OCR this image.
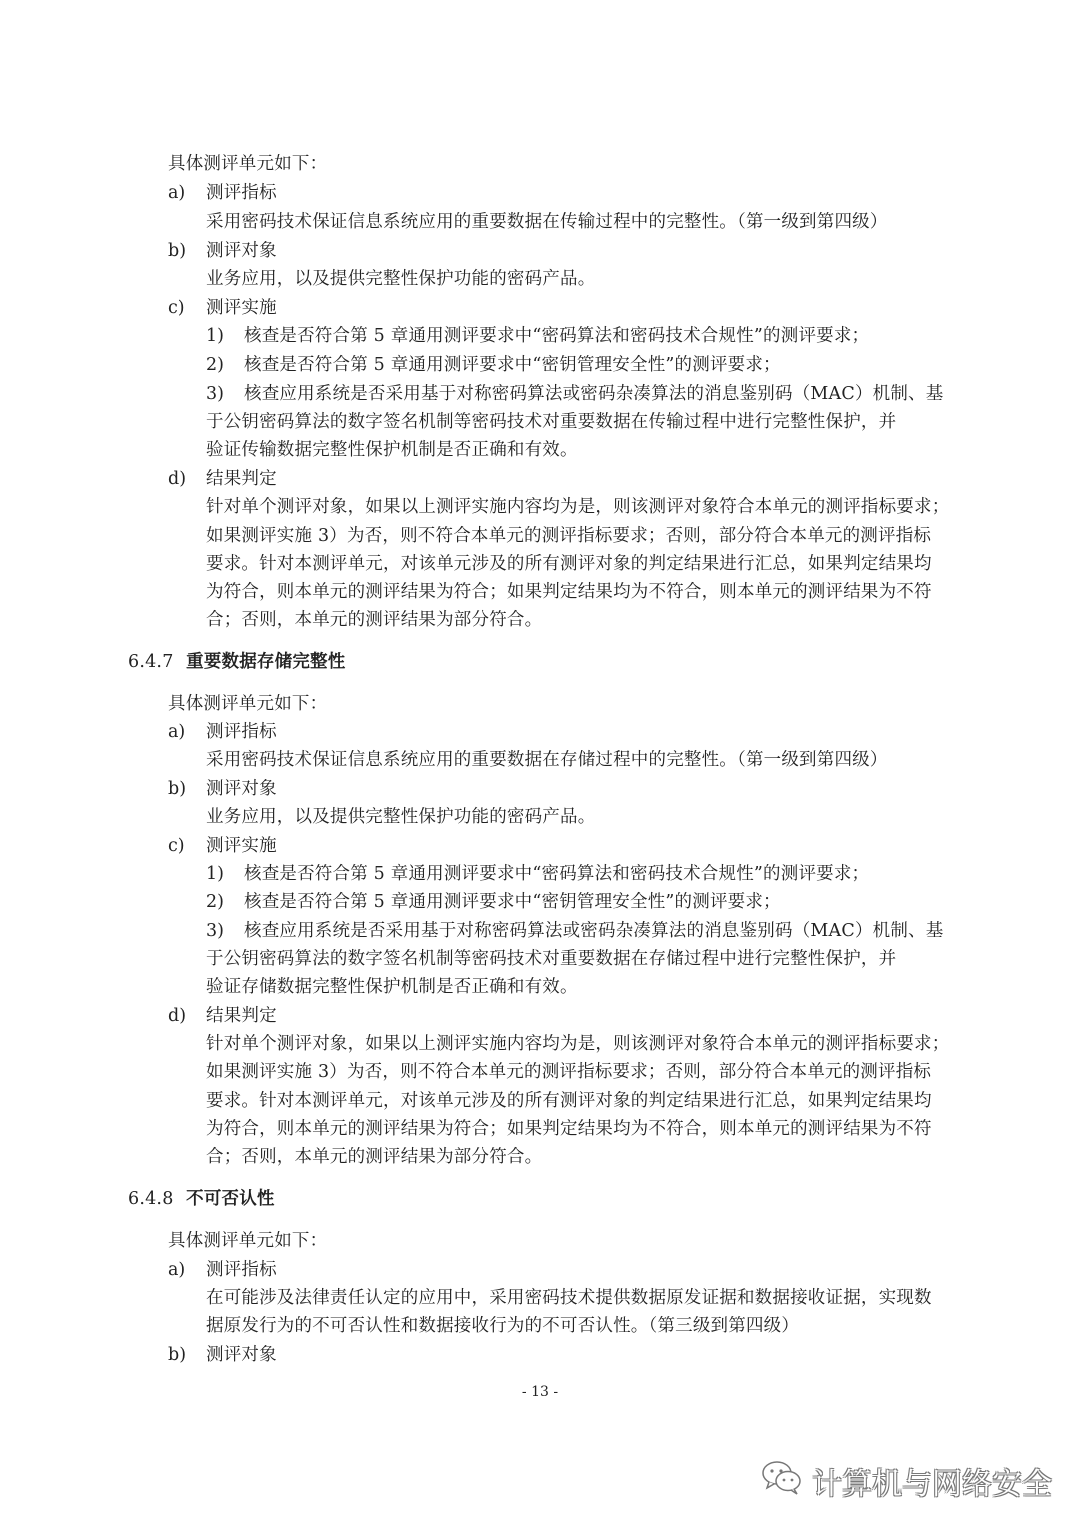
具体测评单元如下：
a) 测评指标
采用密码技术保证信息系统应用的重要数据在传输过程中的完整性。（第一级到第四级）
b) 测评对象
业务应用，以及提供完整性保护功能的密码产品。
c) 测评实施
1) 核查是否符合第 5 章通用测评要求中“密码算法和密码技术合规性”的测评要求；
2) 核查是否符合第 5 章通用测评要求中“密钥管理安全性”的测评要求；
3) 核查应用系统是否采用基于对称密码算法或密码杂凑算法的消息鉴别码（MAC）机制、基
于公钥密码算法的数字签名机制等密码技术对重要数据在传输过程中进行完整性保护，并
验证传输数据完整性保护机制是否正确和有效。
d) 结果判定
针对单个测评对象，如果以上测评实施内容均为是，则该测评对象符合本单元的测评指标要求；
如果测评实施 3）为否，则不符合本单元的测评指标要求；否则，部分符合本单元的测评指标
要求。针对本测评单元，对该单元涉及的所有测评对象的判定结果进行汇总，如果判定结果均
为符合，则本单元的测评结果为符合；如果判定结果均为不符合，则本单元的测评结果为不符
合；否则，本单元的测评结果为部分符合。
6.4.7 重要数据存储完整性
具体测评单元如下：
a) 测评指标
采用密码技术保证信息系统应用的重要数据在存储过程中的完整性。（第一级到第四级）
b) 测评对象
业务应用，以及提供完整性保护功能的密码产品。
c) 测评实施
1) 核查是否符合第 5 章通用测评要求中“密码算法和密码技术合规性”的测评要求；
2) 核查是否符合第 5 章通用测评要求中“密钥管理安全性”的测评要求；
3) 核查应用系统是否采用基于对称密码算法或密码杂凑算法的消息鉴别码（MAC）机制、基
于公钥密码算法的数字签名机制等密码技术对重要数据在存储过程中进行完整性保护，并
验证存储数据完整性保护机制是否正确和有效。
d) 结果判定
针对单个测评对象，如果以上测评实施内容均为是，则该测评对象符合本单元的测评指标要求；
如果测评实施 3）为否，则不符合本单元的测评指标要求；否则，部分符合本单元的测评指标
要求。针对本测评单元，对该单元涉及的所有测评对象的判定结果进行汇总，如果判定结果均
为符合，则本单元的测评结果为符合；如果判定结果均为不符合，则本单元的测评结果为不符
合；否则，本单元的测评结果为部分符合。
6.4.8 不可否认性
具体测评单元如下：
a) 测评指标
在可能涉及法律责任认定的应用中，采用密码技术提供数据原发证据和数据接收证据，实现数
据原发行为的不可否认性和数据接收行为的不可否认性。（第三级到第四级）
b) 测评对象
- 13 -
计算机与网络安全
